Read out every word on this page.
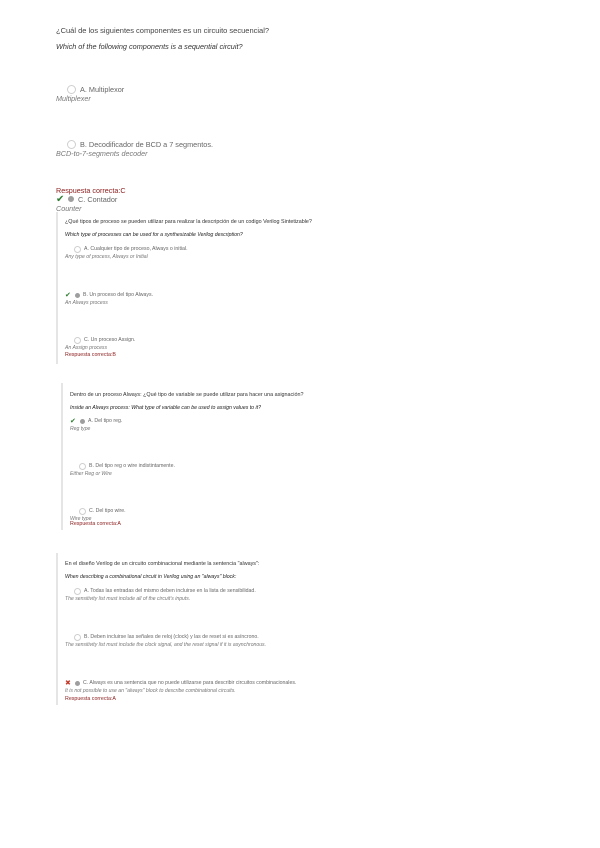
¿Cuál de los siguientes componentes es un circuito secuencial?
Which of the following components is a sequential circuit?
A. Multiplexor
Multiplexer
B. Decodificador de BCD a 7 segmentos.
BCD-to-7-segments decoder
✔	C. Contador
Counter
Respuesta correcta:C
¿Qué tipos de proceso se pueden utilizar para realizar la descripción de un codigo Verilog Sintetizable?
Which type of processes can be used for a synthesizable Verilog description?
A. Cualquier tipo de proceso, Always o initial.
Any type of process, Always or Initial
✔	B. Un proceso del tipo Always.
An Always process
C. Un proceso Assign.
An Assign process
Respuesta correcta:B
Dentro de un proceso Always: ¿Qué tipo de variable se puede utilizar para hacer una asignación?
Inside an Always process: What type of variable can be used to assign values to it?
✔	A. Del tipo reg.
Reg type
B. Del tipo reg o wire indistintamente.
Either Reg or Wire
C. Del tipo wire.
Wire type
Respuesta correcta:A
En el diseño Verilog de un circuito combinacional mediante la sentencia "always":
When describing a combinational circuit in Verilog using an "always" block:
A. Todas las entradas del mismo deben incluirse en la lista de sensibilidad.
The sensitivity list must include all of the circuit's inputs.
B. Deben incluirse las señales de reloj (clock) y las de reset si es asíncrono.
The sensitivity list must include the clock signal, and the reset signal if it is asynchronous.
✖	C. Always es una sentencia que no puede utilizarse para describir circuitos combinacionales.
It is not possible to use an "always" block to describe combinational circuits.
Respuesta correcta:A
